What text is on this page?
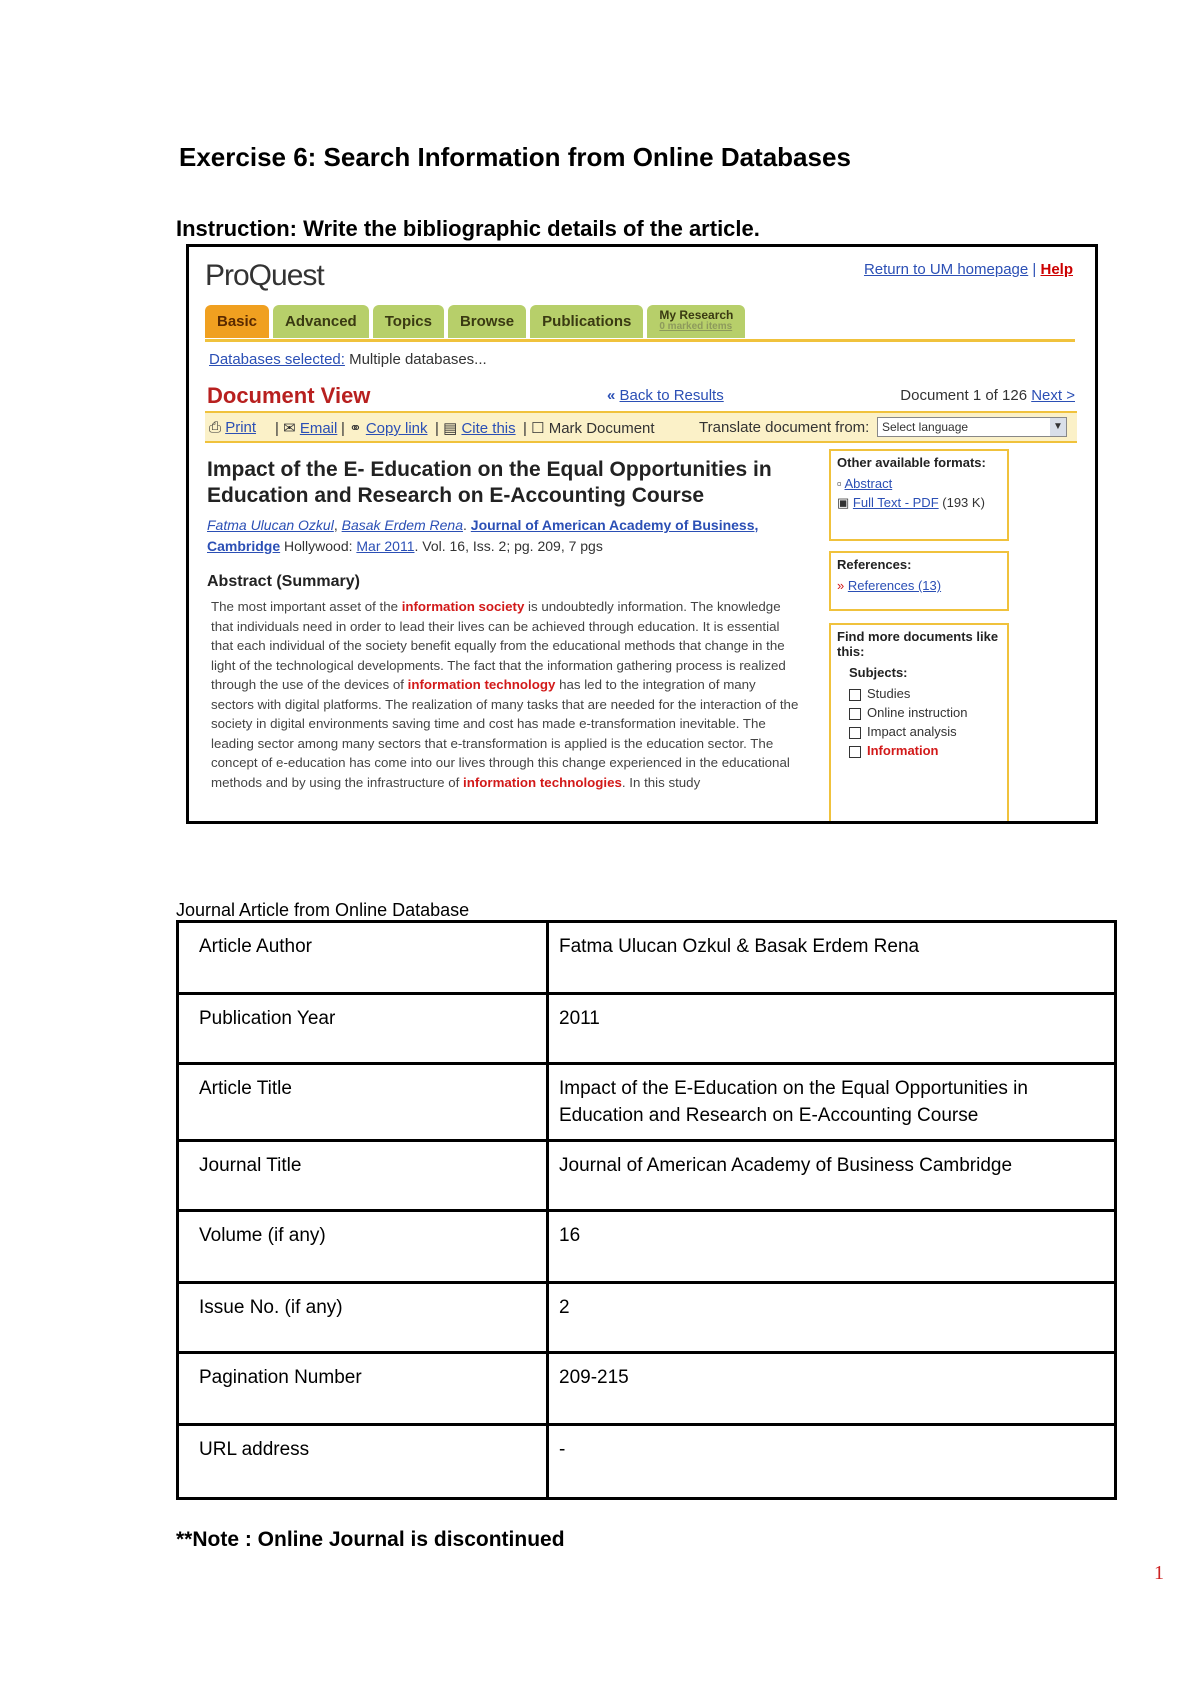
Exercise 6: Search Information from Online Databases
Instruction: Write the bibliographic details of the article.
ProQuest	Return to UM homepage | Help
Basic	Advanced	Topics	Browse	Publications	My Research
0 marked items
Databases selected: Multiple databases...
Document View	« Back to Results	Document 1 of 126 Next >
⎙ Print | ✉ Email | ⚭ Copy link | ▤ Cite this | ☐ Mark Document	Translate document from:	Select language	▼
Impact of the E- Education on the Equal Opportunities in Education and Research on E-Accounting Course
Fatma Ulucan Ozkul, Basak Erdem Rena. Journal of American Academy of Business, Cambridge Hollywood: Mar 2011. Vol. 16, Iss. 2; pg. 209, 7 pgs
Abstract (Summary)
The most important asset of the information society is undoubtedly information. The knowledge that individuals need in order to lead their lives can be achieved through education. It is essential that each individual of the society benefit equally from the educational methods that change in the light of the technological developments. The fact that the information gathering process is realized through the use of the devices of information technology has led to the integration of many sectors with digital platforms. The realization of many tasks that are needed for the interaction of the society in digital environments saving time and cost has made e-transformation inevitable. The leading sector among many sectors that e-transformation is applied is the education sector. The concept of e-education has come into our lives through this change experienced in the educational methods and by using the infrastructure of information technologies. In this study
Other available formats:
▫ Abstract
▣ Full Text - PDF (193 K)
References:
» References (13)
Find more documents like this:
Subjects:
Studies
Online instruction
Impact analysis
Information
Journal Article from Online Database
Article Author	Fatma Ulucan Ozkul & Basak Erdem Rena
Publication Year	2011
Article Title	Impact of the E-Education on the Equal Opportunities in Education and Research on E-Accounting Course
Journal Title	Journal of American Academy of Business Cambridge
Volume (if any)	16
Issue No. (if any)	2
Pagination Number	209-215
URL address	-
**Note : Online Journal is discontinued
1
